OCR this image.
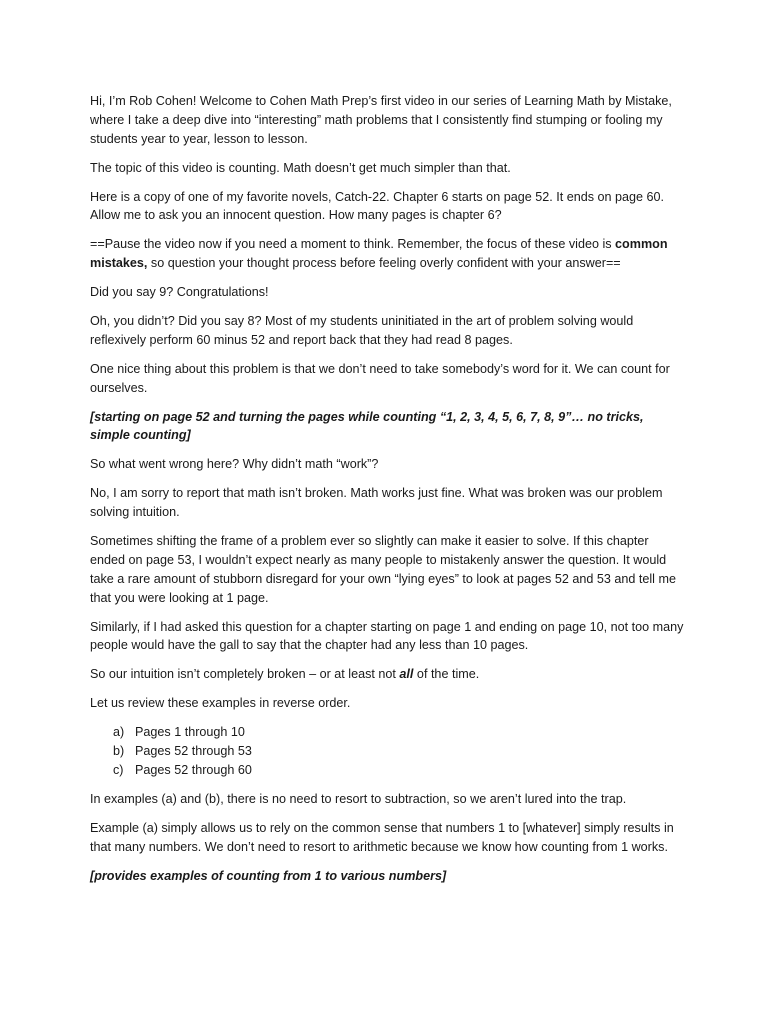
Hi, I’m Rob Cohen! Welcome to Cohen Math Prep’s first video in our series of Learning Math by Mistake, where I take a deep dive into “interesting” math problems that I consistently find stumping or fooling my students year to year, lesson to lesson.

The topic of this video is counting. Math doesn’t get much simpler than that.

Here is a copy of one of my favorite novels, Catch-22. Chapter 6 starts on page 52. It ends on page 60. Allow me to ask you an innocent question. How many pages is chapter 6?

==Pause the video now if you need a moment to think. Remember, the focus of these video is common mistakes, so question your thought process before feeling overly confident with your answer==

Did you say 9? Congratulations!

Oh, you didn’t? Did you say 8? Most of my students uninitiated in the art of problem solving would reflexively perform 60 minus 52 and report back that they had read 8 pages.

One nice thing about this problem is that we don’t need to take somebody’s word for it. We can count for ourselves.

[starting on page 52 and turning the pages while counting “1, 2, 3, 4, 5, 6, 7, 8, 9”… no tricks, simple counting]

So what went wrong here? Why didn’t math “work”?

No, I am sorry to report that math isn’t broken. Math works just fine. What was broken was our problem solving intuition.

Sometimes shifting the frame of a problem ever so slightly can make it easier to solve. If this chapter ended on page 53, I wouldn’t expect nearly as many people to mistakenly answer the question. It would take a rare amount of stubborn disregard for your own “lying eyes” to look at pages 52 and 53 and tell me that you were looking at 1 page.

Similarly, if I had asked this question for a chapter starting on page 1 and ending on page 10, not too many people would have the gall to say that the chapter had any less than 10 pages.

So our intuition isn’t completely broken – or at least not all of the time.

Let us review these examples in reverse order.

a) Pages 1 through 10
b) Pages 52 through 53
c) Pages 52 through 60

In examples (a) and (b), there is no need to resort to subtraction, so we aren’t lured into the trap.

Example (a) simply allows us to rely on the common sense that numbers 1 to [whatever] simply results in that many numbers. We don’t need to resort to arithmetic because we know how counting from 1 works.

[provides examples of counting from 1 to various numbers]
